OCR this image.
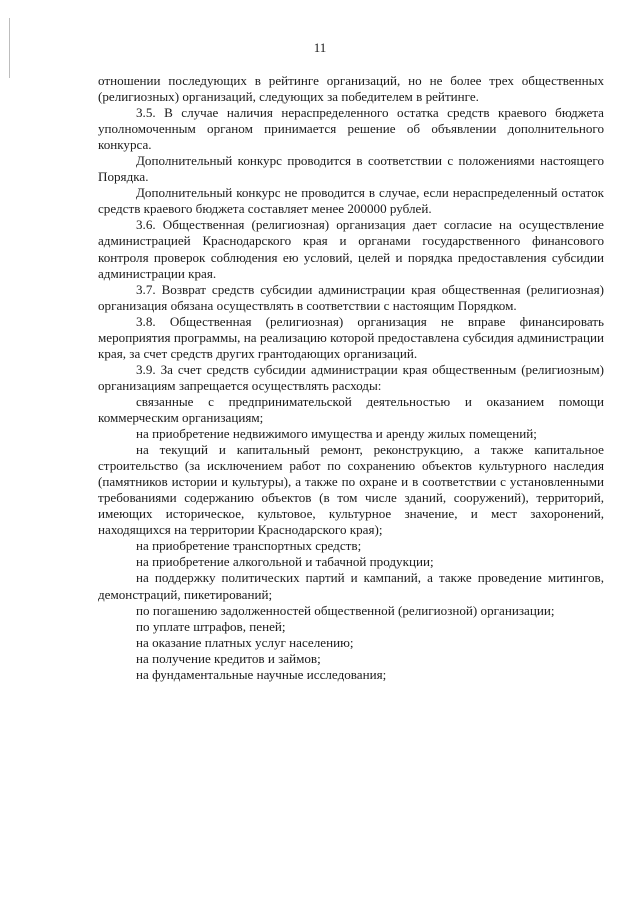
11

отношении последующих в рейтинге организаций, но не более трех общественных (религиозных) организаций, следующих за победителем в рейтинге.

3.5. В случае наличия нераспределенного остатка средств краевого бюджета уполномоченным органом принимается решение об объявлении дополнительного конкурса.

Дополнительный конкурс проводится в соответствии с положениями настоящего Порядка.

Дополнительный конкурс не проводится в случае, если нераспределенный остаток средств краевого бюджета составляет менее 200000 рублей.

3.6. Общественная (религиозная) организация дает согласие на осуществление администрацией Краснодарского края и органами государственного финансового контроля проверок соблюдения ею условий, целей и порядка предоставления субсидии администрации края.

3.7. Возврат средств субсидии администрации края общественная (религиозная) организация обязана осуществлять в соответствии с настоящим Порядком.

3.8. Общественная (религиозная) организация не вправе финансировать мероприятия программы, на реализацию которой предоставлена субсидия администрации края, за счет средств других грантодающих организаций.

3.9. За счет средств субсидии администрации края общественным (религиозным) организациям запрещается осуществлять расходы:

связанные с предпринимательской деятельностью и оказанием помощи коммерческим организациям;

на приобретение недвижимого имущества и аренду жилых помещений;

на текущий и капитальный ремонт, реконструкцию, а также капитальное строительство (за исключением работ по сохранению объектов культурного наследия (памятников истории и культуры), а также по охране и в соответствии с установленными требованиями содержанию объектов (в том числе зданий, сооружений), территорий, имеющих историческое, культовое, культурное значение, и мест захоронений, находящихся на территории Краснодарского края);

на приобретение транспортных средств;

на приобретение алкогольной и табачной продукции;

на поддержку политических партий и кампаний, а также проведение митингов, демонстраций, пикетирований;

по погашению задолженностей общественной (религиозной) организации;

по уплате штрафов, пеней;

на оказание платных услуг населению;

на получение кредитов и займов;

на фундаментальные научные исследования;
